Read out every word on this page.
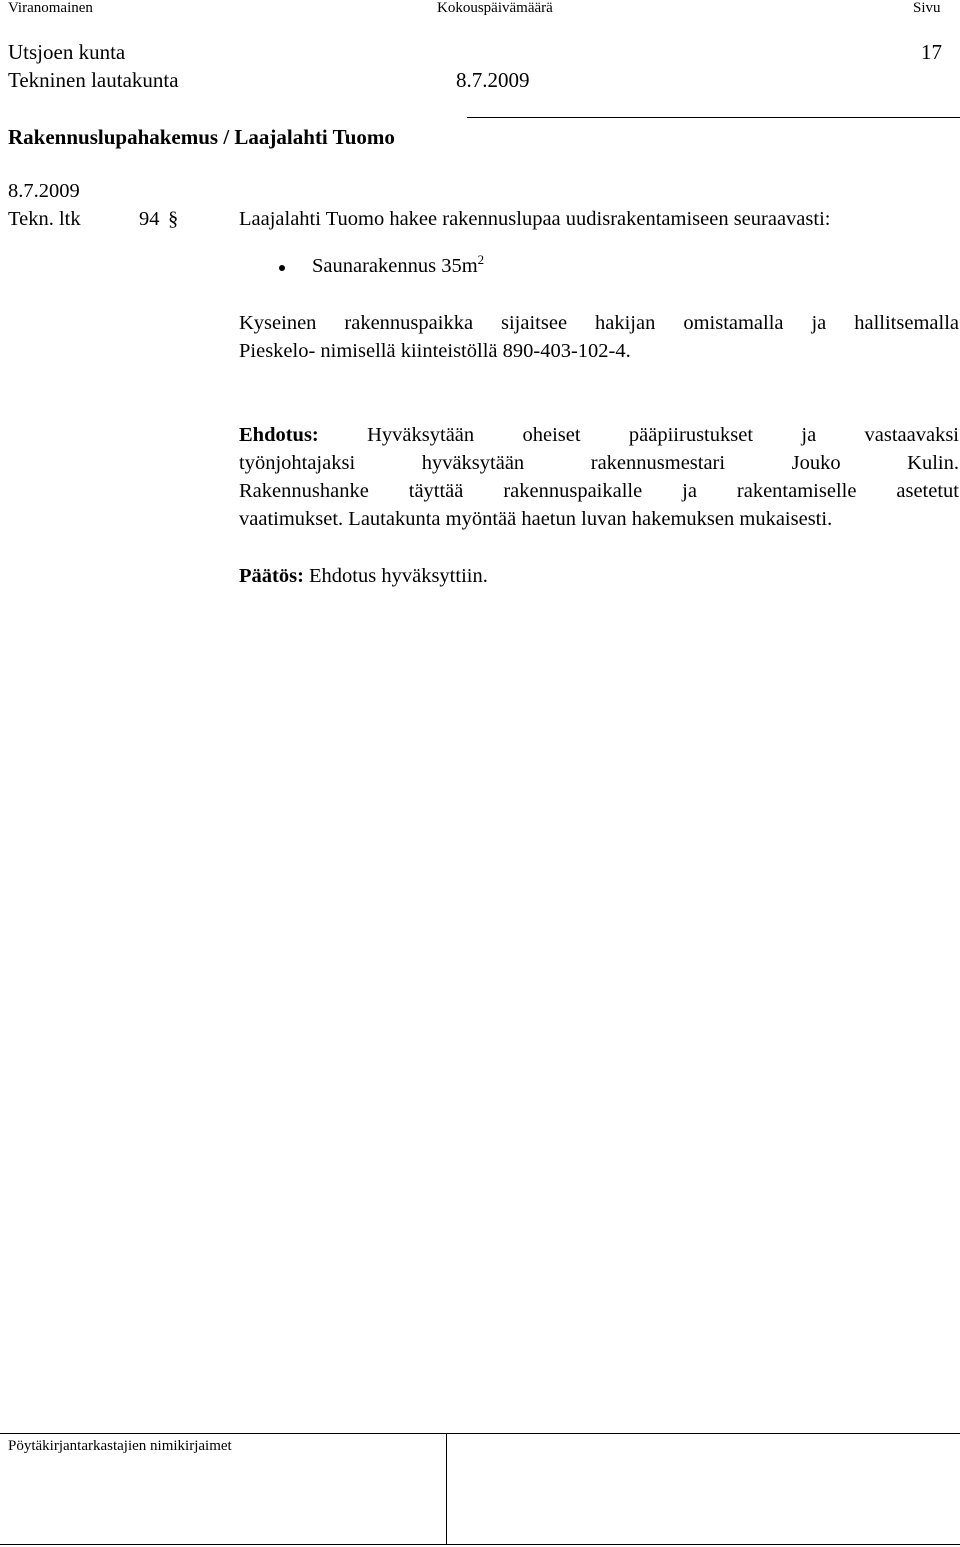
Viranomainen	Kokouspäivämäärä	Sivu
Utsjoen kunta	17
Tekninen lautakunta	8.7.2009
Rakennuslupahakemus / Laajalahti Tuomo
8.7.2009
Tekn. ltk	94 §	Laajalahti Tuomo hakee rakennuslupaa uudisrakentamiseen seuraavasti:
Saunarakennus $35m^2$
Kyseinen rakennuspaikka sijaitsee hakijan omistamalla ja hallitsemalla
Pieskelo- nimisellä kiinteistöllä 890-403-102-4.
Ehdotus: Hyväksytään oheiset pääpiirustukset ja vastaavaksi
työnjohtajaksi hyväksytään rakennusmestari Jouko Kulin.
Rakennushanke täyttää rakennuspaikalle ja rakentamiselle asetetut
vaatimukset. Lautakunta myöntää haetun luvan hakemuksen mukaisesti.
Päätös: Ehdotus hyväksyttiin.
Pöytäkirjantarkastajien nimikirjaimet
